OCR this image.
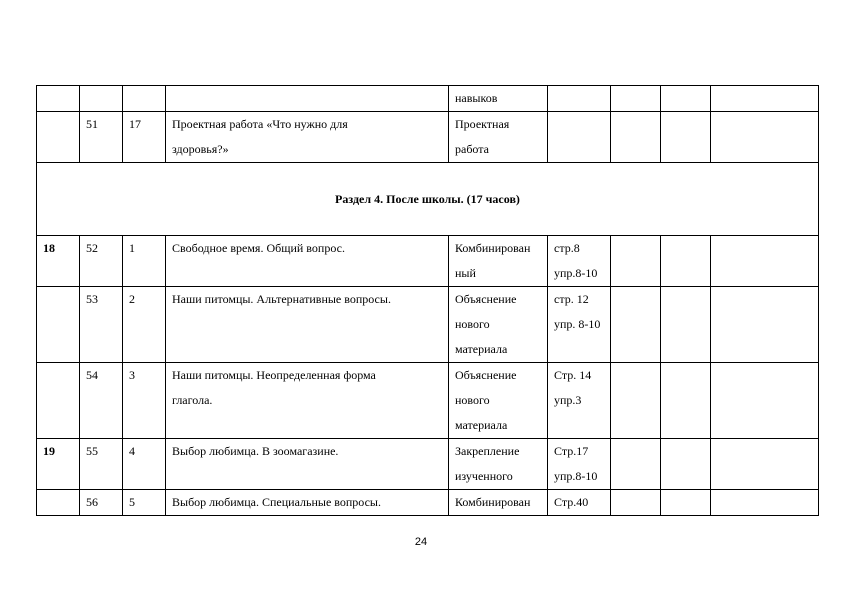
				навыков				
	51	17	Проектная работа «Что нужно для здоровья?»	Проектная работа				
Раздел 4. После школы. (17 часов)								
18	52	1	Свободное время. Общий вопрос.	Комбинирован ный	стр.8 упр.8-10			
	53	2	Наши питомцы. Альтернативные вопросы.	Объяснение нового материала	стр. 12 упр. 8-10			
	54	3	Наши питомцы. Неопределенная форма глагола.	Объяснение нового материала	Стр. 14 упр.3			
19	55	4	Выбор любимца. В зоомагазине.	Закрепление изученного	Стр.17 упр.8-10			
	56	5	Выбор любимца. Специальные вопросы.	Комбинирован	Стр.40			
24
